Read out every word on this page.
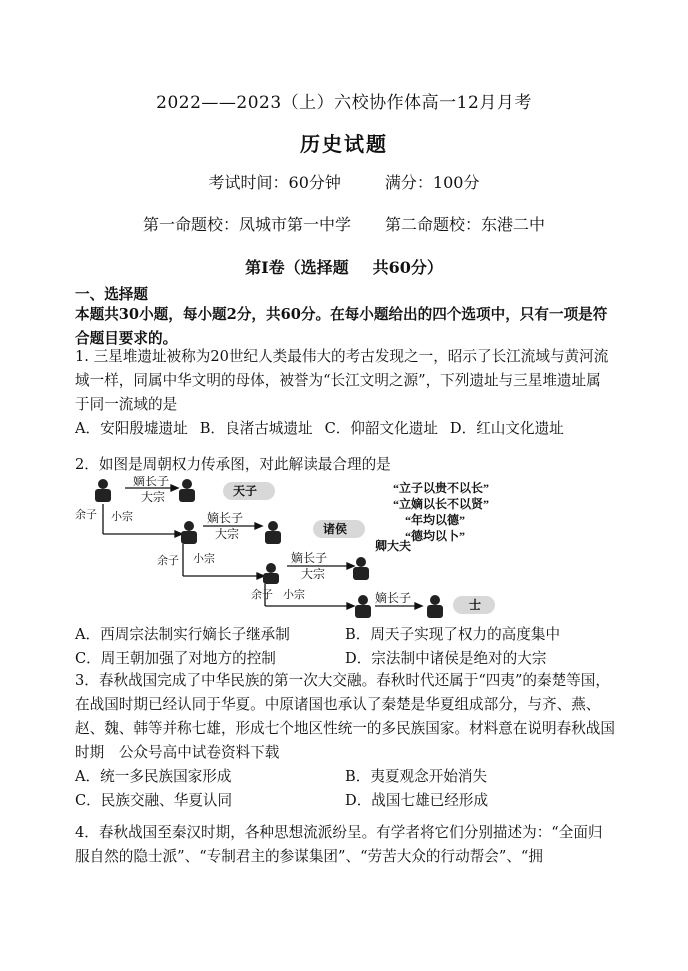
2022——2023（上）六校协作体高一12月月考
历史试题
考试时间：60分钟	满分：100分
第一命题校：凤城市第一中学 第二命题校：东港二中
第Ⅰ卷（选择题 共60分）
一、选择题
本题共30小题，每小题2分，共60分。在每小题给出的四个选项中，只有一项是符合题目要求的。
1. 三星堆遗址被称为20世纪人类最伟大的考古发现之一，昭示了长江流域与黄河流域一样，同属中华文明的母体，被誉为“长江文明之源”，下列遗址与三星堆遗址属于同一流域的是
A．安阳殷墟遗址 B．良渚古城遗址 C．仰韶文化遗址 D．红山文化遗址
2．如图是周朝权力传承图，对此解读最合理的是
嫡长子
大宗
余子 小宗	嫡长子
大宗
余子 小宗	嫡长子
大宗
余子 小宗	嫡长子
天子
诸侯
卿大夫
士
“立子以贵不以长”
“立嫡以长不以贤”
“年均以德”
“德均以卜”
A．西周宗法制实行嫡长子继承制	B．周天子实现了权力的高度集中
C．周王朝加强了对地方的控制	D．宗法制中诸侯是绝对的大宗
3．春秋战国完成了中华民族的第一次大交融。春秋时代还属于“四夷”的秦楚等国，在战国时期已经认同于华夏。中原诸国也承认了秦楚是华夏组成部分，与齐、燕、赵、魏、韩等并称七雄，形成七个地区性统一的多民族国家。材料意在说明春秋战国时期　 公众号高中试卷资料下载
A．统一多民族国家形成	B．夷夏观念开始消失
C．民族交融、华夏认同	D．战国七雄已经形成
4．春秋战国至秦汉时期，各种思想流派纷呈。有学者将它们分别描述为：“全面归服自然的隐士派”、“专制君主的参谋集团”、“劳苦大众的行动帮会”、“拥
